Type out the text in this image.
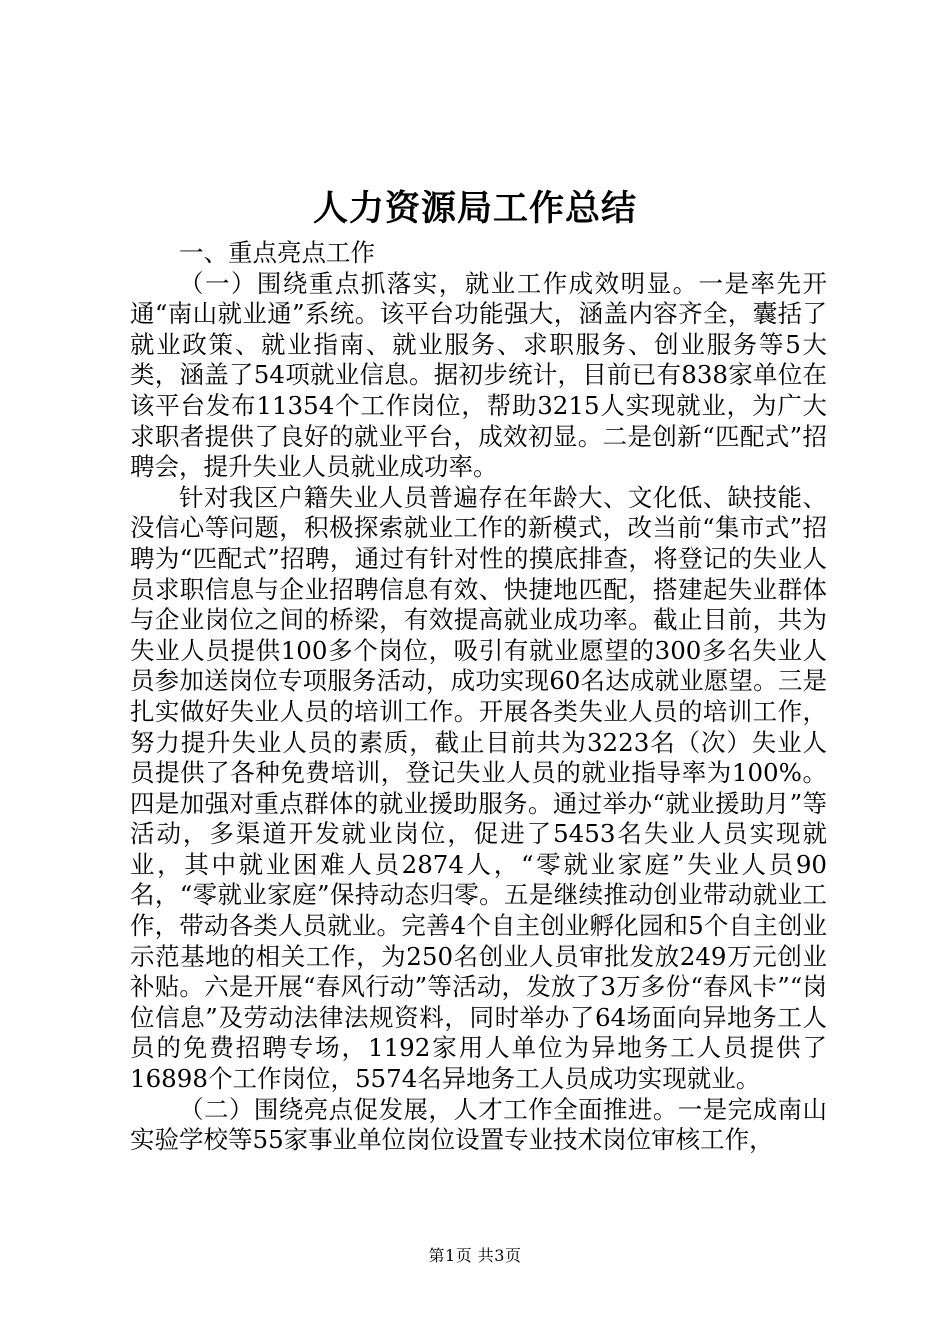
人力资源局工作总结

一、重点亮点工作

（一）围绕重点抓落实，就业工作成效明显。一是率先开通“南山就业通”系统。该平台功能强大，涵盖内容齐全，囊括了就业政策、就业指南、就业服务、求职服务、创业服务等5大类，涵盖了54项就业信息。据初步统计，目前已有838家单位在该平台发布11354个工作岗位，帮助3215人实现就业，为广大求职者提供了良好的就业平台，成效初显。二是创新“匹配式”招聘会，提升失业人员就业成功率。

针对我区户籍失业人员普遍存在年龄大、文化低、缺技能、没信心等问题，积极探索就业工作的新模式，改当前“集市式”招聘为“匹配式”招聘，通过有针对性的摸底排查，将登记的失业人员求职信息与企业招聘信息有效、快捷地匹配，搭建起失业群体与企业岗位之间的桥梁，有效提高就业成功率。截止目前，共为失业人员提供100多个岗位，吸引有就业愿望的300多名失业人员参加送岗位专项服务活动，成功实现60名达成就业愿望。三是扎实做好失业人员的培训工作。开展各类失业人员的培训工作，努力提升失业人员的素质，截止目前共为3223名（次）失业人员提供了各种免费培训，登记失业人员的就业指导率为100%。四是加强对重点群体的就业援助服务。通过举办“就业援助月”等活动，多渠道开发就业岗位，促进了5453名失业人员实现就业，其中就业困难人员2874人，“零就业家庭”失业人员90名，“零就业家庭”保持动态归零。五是继续推动创业带动就业工作，带动各类人员就业。完善4个自主创业孵化园和5个自主创业示范基地的相关工作，为250名创业人员审批发放249万元创业补贴。六是开展“春风行动”等活动，发放了3万多份“春风卡”“岗位信息”及劳动法律法规资料，同时举办了64场面向异地务工人员的免费招聘专场，1192家用人单位为异地务工人员提供了16898个工作岗位，5574名异地务工人员成功实现就业。

（二）围绕亮点促发展，人才工作全面推进。一是完成南山实验学校等55家事业单位岗位设置专业技术岗位审核工作，

第1页 共3页
